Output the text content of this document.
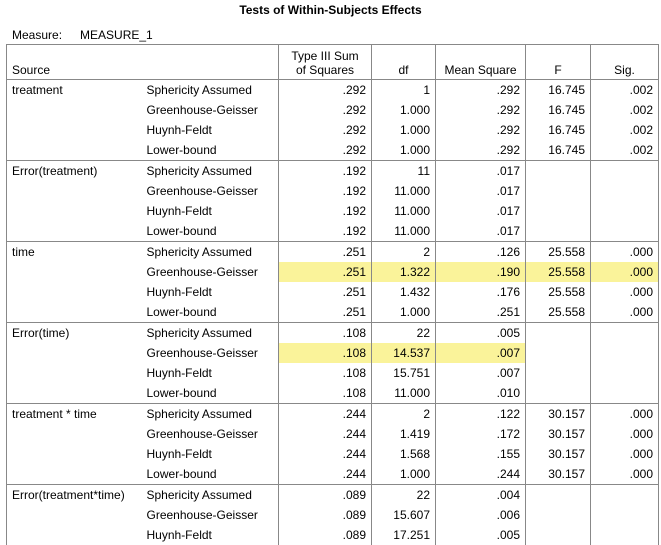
Tests of Within-Subjects Effects
Measure: MEASURE_1
Source		Type III Sum
of Squares	df	Mean Square	F	Sig.
treatment	Sphericity Assumed	.292	1	.292	16.745	.002
	Greenhouse-Geisser	.292	1.000	.292	16.745	.002
	Huynh-Feldt	.292	1.000	.292	16.745	.002
	Lower-bound	.292	1.000	.292	16.745	.002
Error(treatment)	Sphericity Assumed	.192	11	.017		
	Greenhouse-Geisser	.192	11.000	.017		
	Huynh-Feldt	.192	11.000	.017		
	Lower-bound	.192	11.000	.017		
time	Sphericity Assumed	.251	2	.126	25.558	.000
	Greenhouse-Geisser	.251	1.322	.190	25.558	.000
	Huynh-Feldt	.251	1.432	.176	25.558	.000
	Lower-bound	.251	1.000	.251	25.558	.000
Error(time)	Sphericity Assumed	.108	22	.005		
	Greenhouse-Geisser	.108	14.537	.007		
	Huynh-Feldt	.108	15.751	.007		
	Lower-bound	.108	11.000	.010		
treatment * time	Sphericity Assumed	.244	2	.122	30.157	.000
	Greenhouse-Geisser	.244	1.419	.172	30.157	.000
	Huynh-Feldt	.244	1.568	.155	30.157	.000
	Lower-bound	.244	1.000	.244	30.157	.000
Error(treatment*time)	Sphericity Assumed	.089	22	.004		
	Greenhouse-Geisser	.089	15.607	.006		
	Huynh-Feldt	.089	17.251	.005		
